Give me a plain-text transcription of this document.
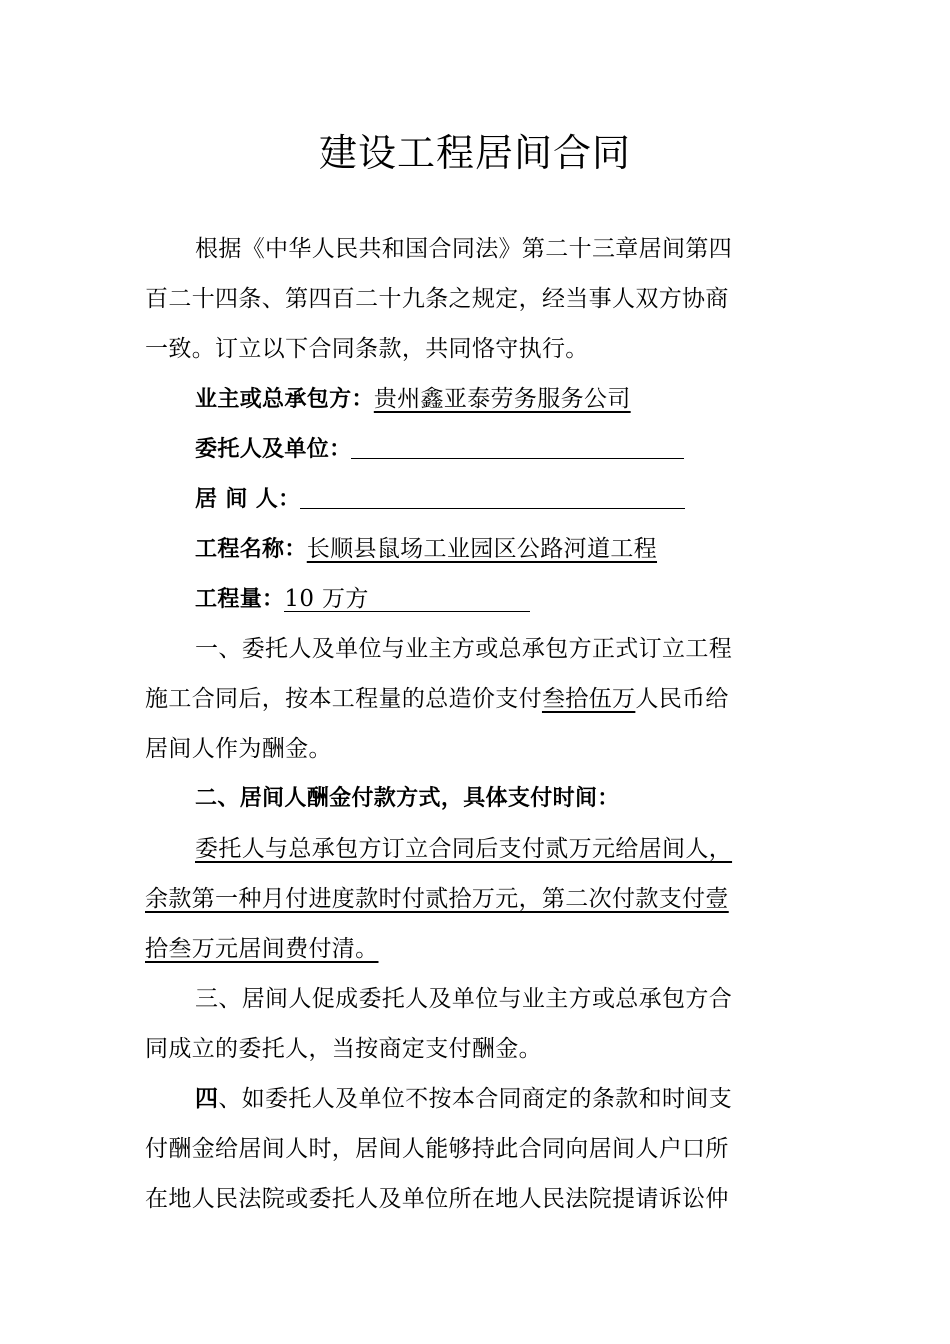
建设工程居间合同
根据《中华人民共和国合同法》第二十三章居间第四
百二十四条、第四百二十九条之规定，经当事人双方协商
一致。订立以下合同条款，共同恪守执行。
业主或总承包方：贵州鑫亚泰劳务服务公司
委托人及单位：
居 间 人：
工程名称：长顺县鼠场工业园区公路河道工程
工程量：10 万方
一、委托人及单位与业主方或总承包方正式订立工程
施工合同后，按本工程量的总造价支付叁拾伍万人民币给
居间人作为酬金。
二、居间人酬金付款方式，具体支付时间：
委托人与总承包方订立合同后支付贰万元给居间人，
余款第一种月付进度款时付贰拾万元，第二次付款支付壹
拾叁万元居间费付清。
三、居间人促成委托人及单位与业主方或总承包方合
同成立的委托人，当按商定支付酬金。
四、如委托人及单位不按本合同商定的条款和时间支
付酬金给居间人时，居间人能够持此合同向居间人户口所
在地人民法院或委托人及单位所在地人民法院提请诉讼仲
